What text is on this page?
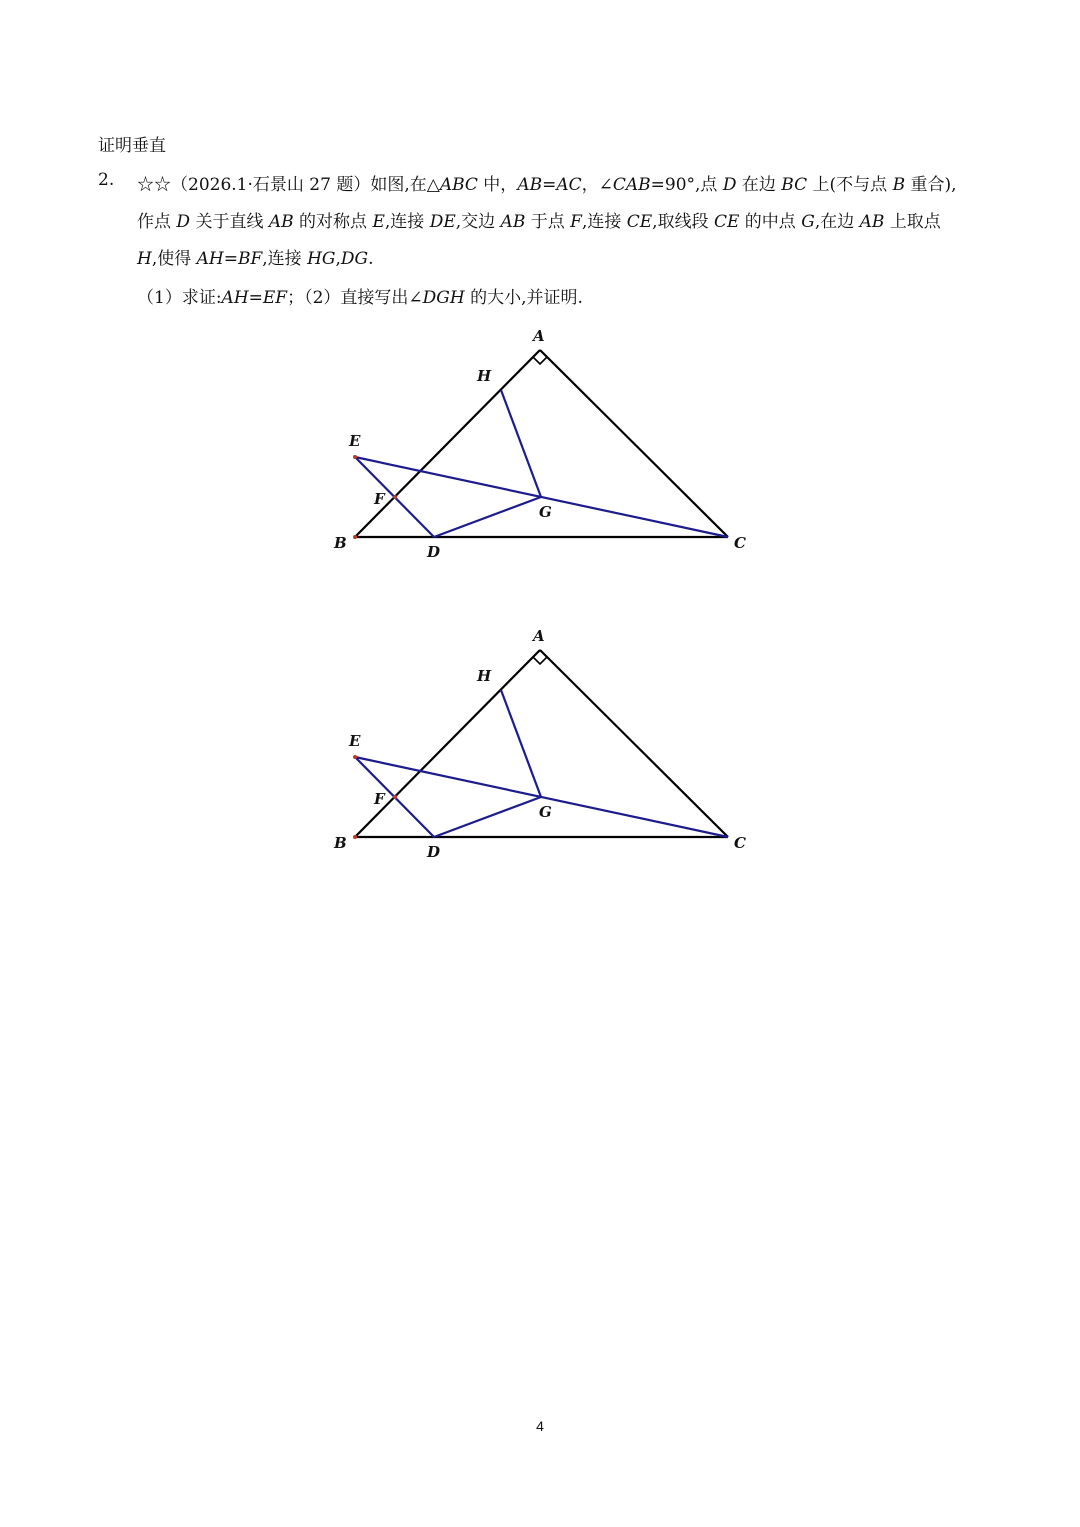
证明垂直
2. ☆☆（2026.1·石景山 27 题）如图,在△ABC 中，AB=AC，∠CAB=90°,点 D 在边 BC 上(不与点 B 重合),
作点 D 关于直线 AB 的对称点 E,连接 DE,交边 AB 于点 F,连接 CE,取线段 CE 的中点 G,在边 AB 上取点
H,使得 AH=BF,连接 HG,DG.
（1）求证:AH=EF；（2）直接写出∠DGH 的大小,并证明.
A
H
E
F
G
B	D	C
A
H
E
F
G
B	D	C
4
